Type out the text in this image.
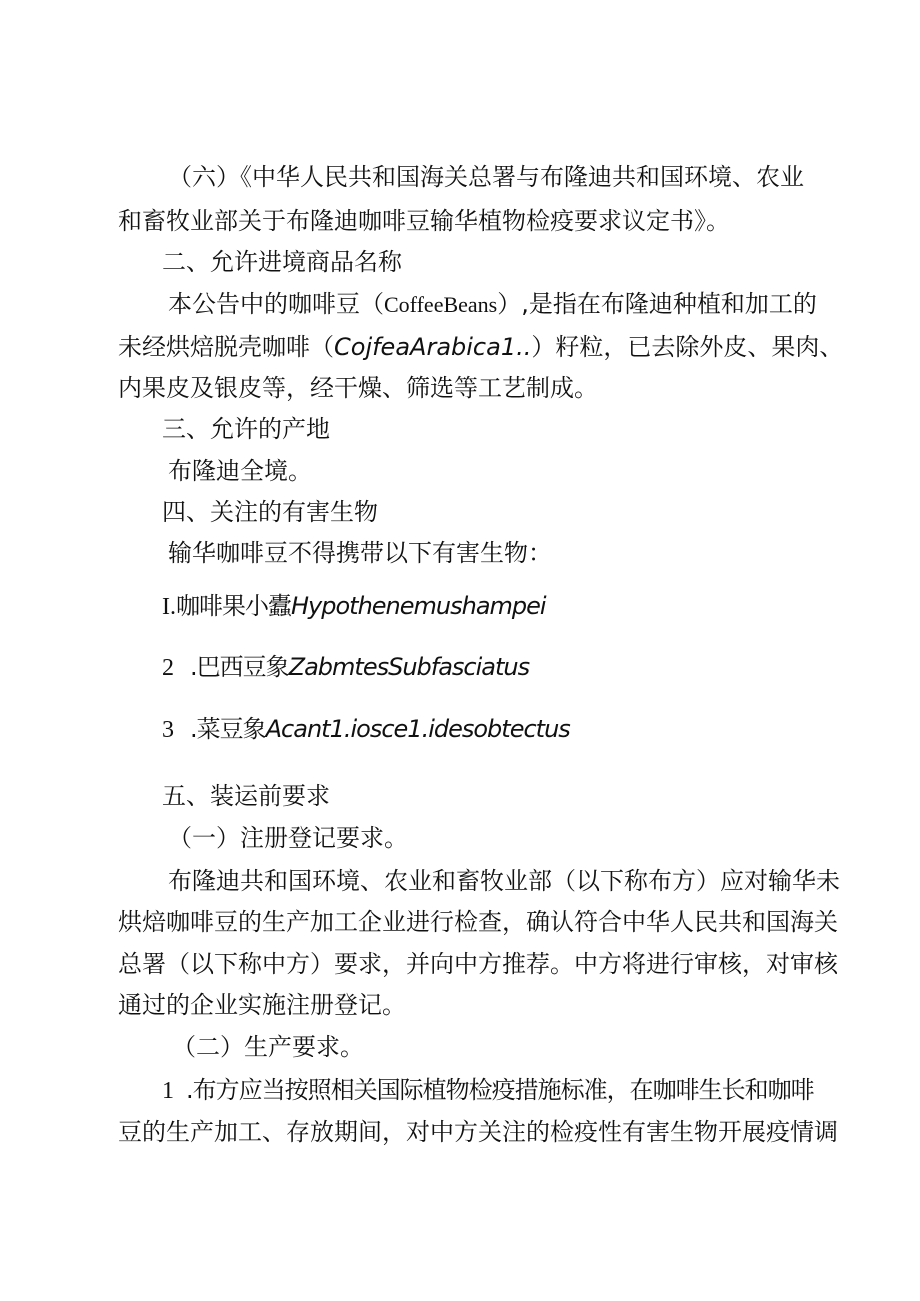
（六）《中华人民共和国海关总署与布隆迪共和国环境、农业
和畜牧业部关于布隆迪咖啡豆输华植物检疫要求议定书》。
二、允许进境商品名称
本公告中的咖啡豆（CoffeeBeans）,是指在布隆迪种植和加工的
未经烘焙脱壳咖啡（CojfeaArabica1..）籽粒，已去除外皮、果肉、
内果皮及银皮等，经干燥、筛选等工艺制成。
三、允许的产地
布隆迪全境。
四、关注的有害生物
输华咖啡豆不得携带以下有害生物：
I.咖啡果小蠹Hypothenemushampei
2 .巴西豆象ZabmtesSubfasciatus
3 .菜豆象Acant1.iosce1.idesobtectus
五、装运前要求
（一）注册登记要求。
布隆迪共和国环境、农业和畜牧业部（以下称布方）应对输华未
烘焙咖啡豆的生产加工企业进行检查，确认符合中华人民共和国海关
总署（以下称中方）要求，并向中方推荐。中方将进行审核，对审核
通过的企业实施注册登记。
（二）生产要求。
1 .布方应当按照相关国际植物检疫措施标准，在咖啡生长和咖啡
豆的生产加工、存放期间，对中方关注的检疫性有害生物开展疫情调
